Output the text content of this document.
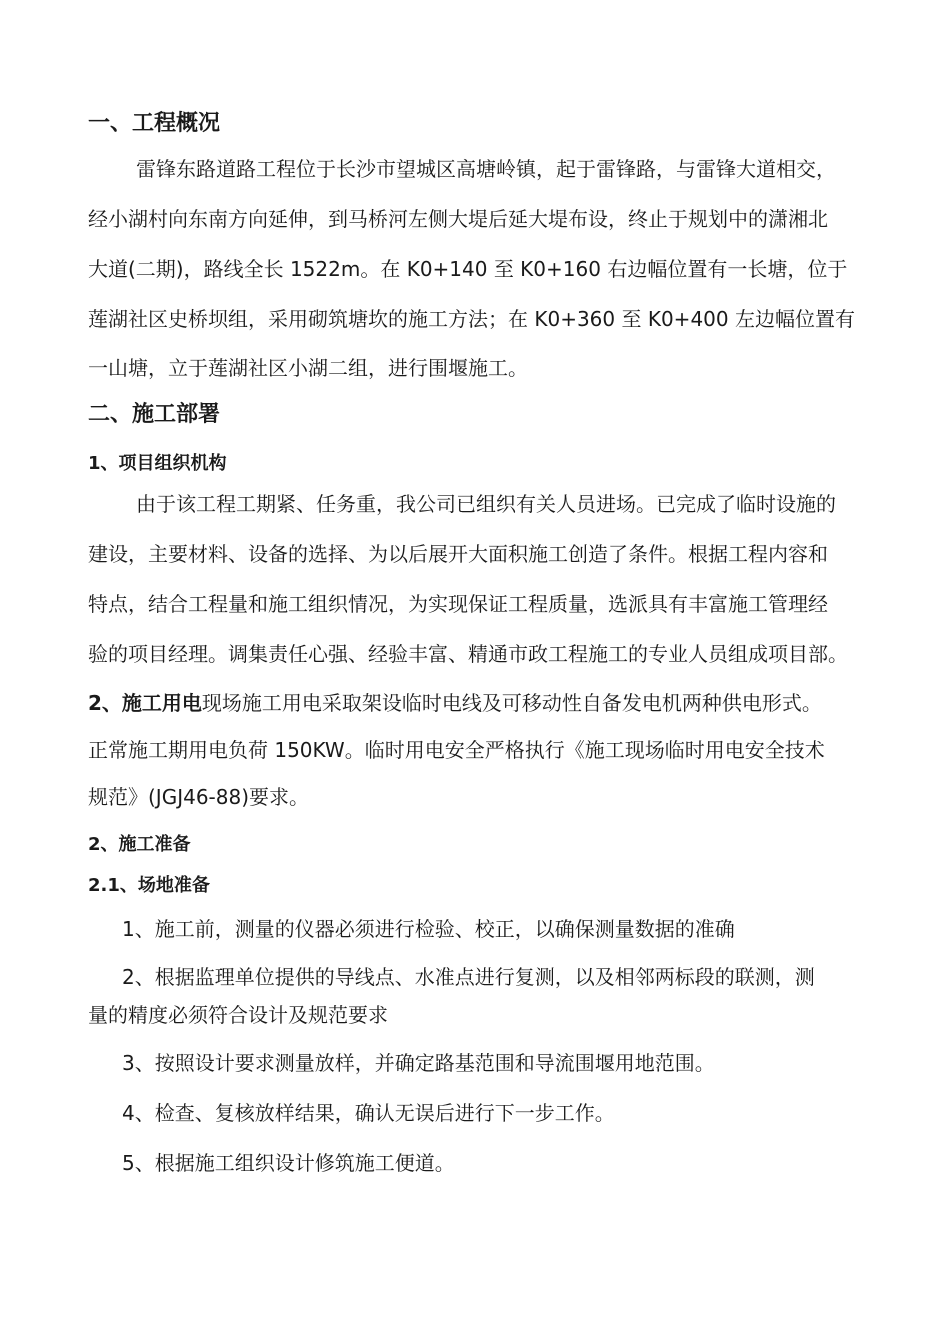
一、工程概况
雷锋东路道路工程位于长沙市望城区高塘岭镇，起于雷锋路，与雷锋大道相交，
经小湖村向东南方向延伸，到马桥河左侧大堤后延大堤布设，终止于规划中的潇湘北
大道(二期)，路线全长 1522m。在 K0+140 至 K0+160 右边幅位置有一长塘，位于
莲湖社区史桥坝组，采用砌筑塘坎的施工方法；在 K0+360 至 K0+400 左边幅位置有
一山塘，立于莲湖社区小湖二组，进行围堰施工。
二、施工部署
1、项目组织机构
由于该工程工期紧、任务重，我公司已组织有关人员进场。已完成了临时设施的
建设，主要材料、设备的选择、为以后展开大面积施工创造了条件。根据工程内容和
特点，结合工程量和施工组织情况，为实现保证工程质量，选派具有丰富施工管理经
验的项目经理。调集责任心强、经验丰富、精通市政工程施工的专业人员组成项目部。
2、施工用电现场施工用电采取架设临时电线及可移动性自备发电机两种供电形式。
正常施工期用电负荷 150KW。临时用电安全严格执行《施工现场临时用电安全技术
规范》(JGJ46-88)要求。
2、施工准备
2.1、场地准备
1、施工前，测量的仪器必须进行检验、校正，以确保测量数据的准确
2、根据监理单位提供的导线点、水准点进行复测，以及相邻两标段的联测，测
量的精度必须符合设计及规范要求
3、按照设计要求测量放样，并确定路基范围和导流围堰用地范围。
4、检查、复核放样结果，确认无误后进行下一步工作。
5、根据施工组织设计修筑施工便道。
